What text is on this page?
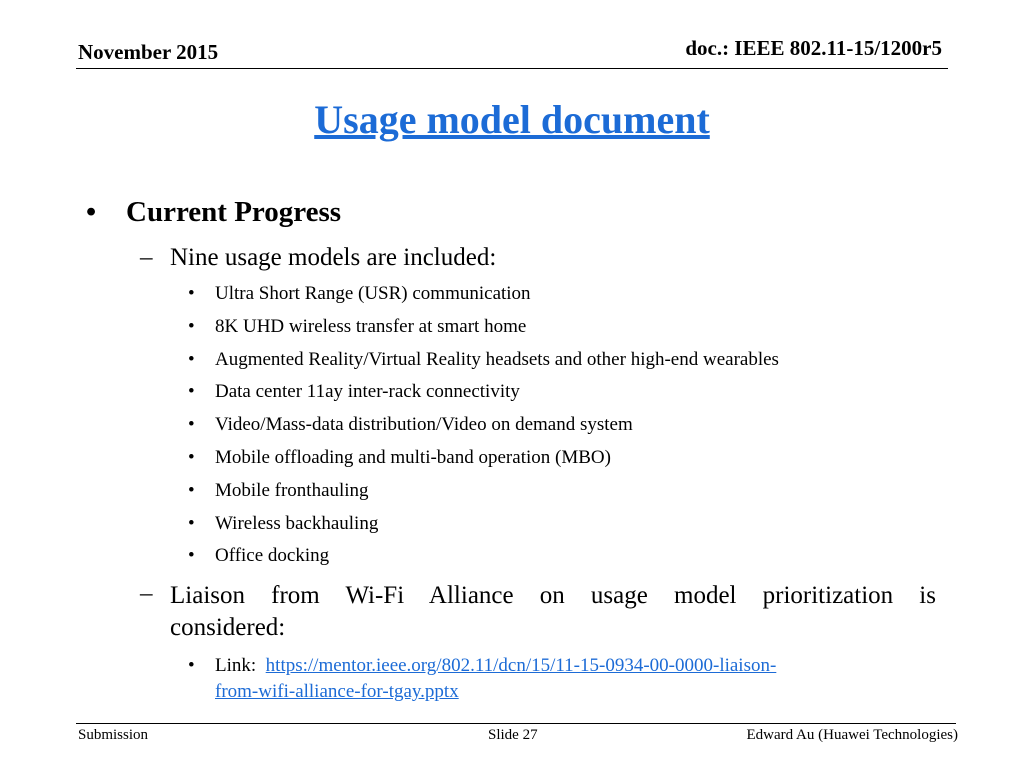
November 2015	doc.: IEEE 802.11-15/1200r5
Usage model document
• Current Progress
– Nine usage models are included:
• Ultra Short Range (USR) communication
• 8K UHD wireless transfer at smart home
• Augmented Reality/Virtual Reality headsets and other high-end wearables
• Data center 11ay inter-rack connectivity
• Video/Mass-data distribution/Video on demand system
• Mobile offloading and multi-band operation (MBO)
• Mobile fronthauling
• Wireless backhauling
• Office docking
– Liaison from Wi-Fi Alliance on usage model prioritization is
considered:
• Link:  https://mentor.ieee.org/802.11/dcn/15/11-15-0934-00-0000-liaison-
from-wifi-alliance-for-tgay.pptx
Submission	Slide 27	Edward Au (Huawei Technologies)
